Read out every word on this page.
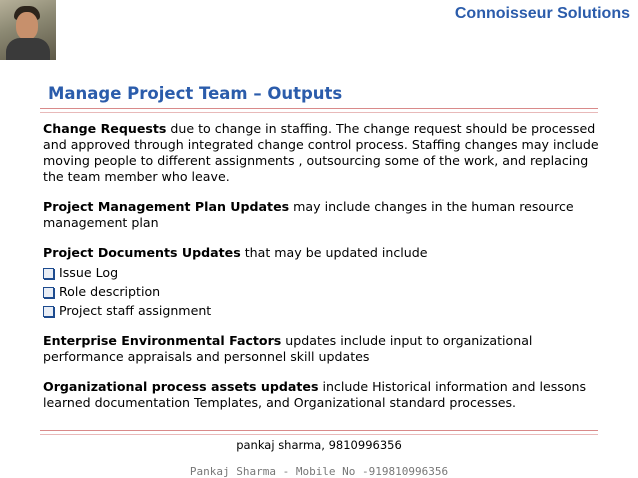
Connoisseur Solutions
Manage Project Team – Outputs

Change Requests due to change in staffing. The change request should be processed and approved through integrated change control process. Staffing changes may include moving people to different assignments , outsourcing some of the work, and replacing the team member who leave.

Project Management Plan Updates may include changes in the human resource management plan

Project Documents Updates that may be updated include

Issue Log
Role description
Project staff assignment

Enterprise Environmental Factors updates include input to organizational performance appraisals and personnel skill updates

Organizational process assets updates include Historical information and lessons learned documentation Templates, and Organizational standard processes.

pankaj sharma, 9810996356
Pankaj Sharma - Mobile No -919810996356
